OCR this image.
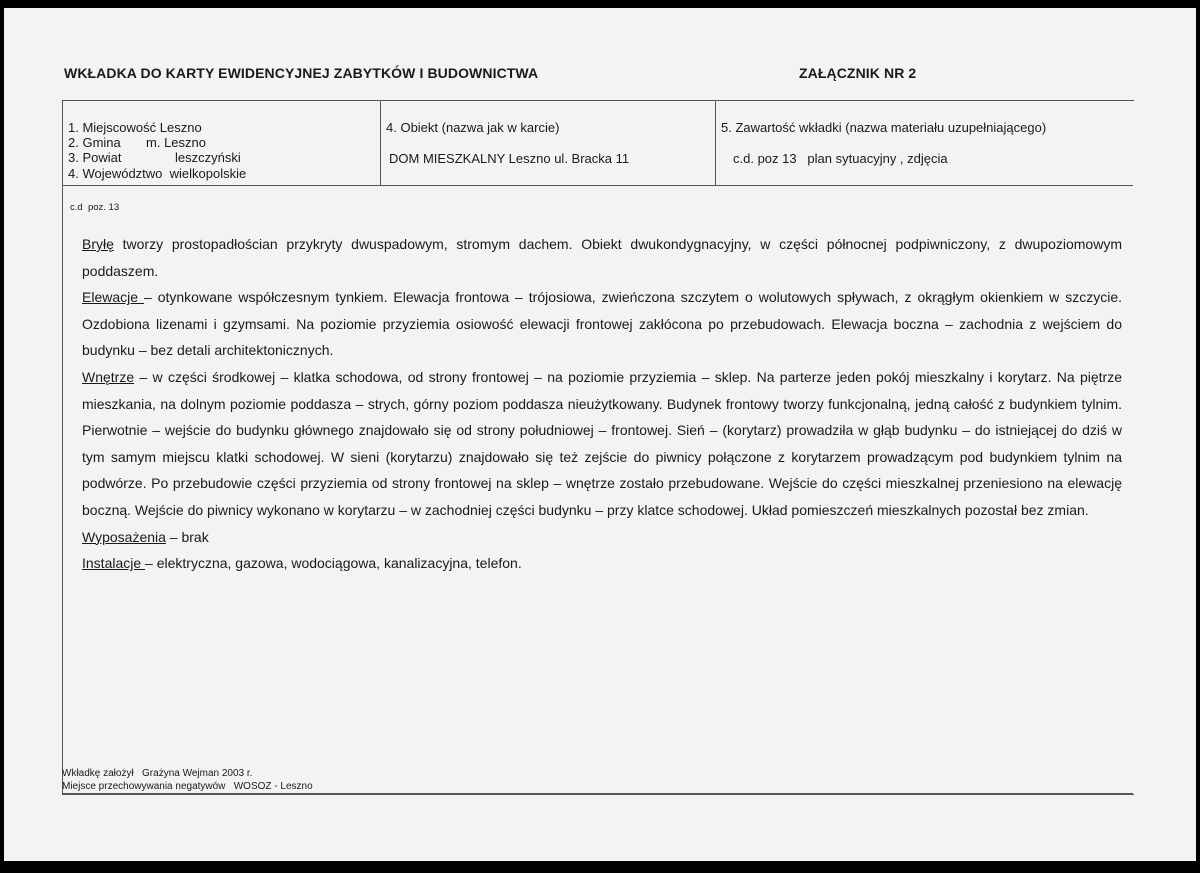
WKŁADKA DO KARTY EWIDENCYJNEJ ZABYTKÓW I BUDOWNICTWA	ZAŁĄCZNIK NR 2
1. Miejscowość Leszno
2. Gmina       m. Leszno
3. Powiat	leszczyński
4. Województwo  wielkopolskie
4. Obiekt (nazwa jak w karcie)
DOM MIESZKALNY Leszno ul. Bracka 11
5. Zawartość wkładki (nazwa materiału uzupełniającego)
c.d. poz 13   plan sytuacyjny , zdjęcia
c.d  poz. 13

Bryłę tworzy prostopadłościan przykryty dwuspadowym, stromym dachem. Obiekt dwukondygnacyjny, w części północnej podpiwniczony, z dwupoziomowym poddaszem.

Elewacje – otynkowane współczesnym tynkiem. Elewacja frontowa – trójosiowa, zwieńczona szczytem o wolutowych spływach, z okrągłym okienkiem w szczycie. Ozdobiona lizenami i gzymsami. Na poziomie przyziemia osiowość elewacji frontowej zakłócona po przebudowach. Elewacja boczna – zachodnia z wejściem do budynku – bez detali architektonicznych.

Wnętrze – w części środkowej – klatka schodowa, od strony frontowej – na poziomie przyziemia – sklep. Na parterze jeden pokój mieszkalny i korytarz. Na piętrze mieszkania, na dolnym poziomie poddasza – strych, górny poziom poddasza nieużytkowany. Budynek frontowy tworzy funkcjonalną, jedną całość z budynkiem tylnim. Pierwotnie – wejście do budynku głównego znajdowało się od strony południowej – frontowej. Sień – (korytarz) prowadziła w głąb budynku – do istniejącej do dziś w tym samym miejscu klatki schodowej. W sieni (korytarzu) znajdowało się też zejście do piwnicy połączone z korytarzem prowadzącym pod budynkiem tylnim na podwórze. Po przebudowie części przyziemia od strony frontowej na sklep – wnętrze zostało przebudowane. Wejście do części mieszkalnej przeniesiono na elewację boczną. Wejście do piwnicy wykonano w korytarzu – w zachodniej części budynku – przy klatce schodowej. Układ pomieszczeń mieszkalnych pozostał bez zmian.

Wyposażenia – brak

Instalacje – elektryczna, gazowa, wodociągowa, kanalizacyjna, telefon.

Wkładkę założył   Grażyna Wejman 2003 r.
Miejsce przechowywania negatywów   WOSOZ - Leszno
